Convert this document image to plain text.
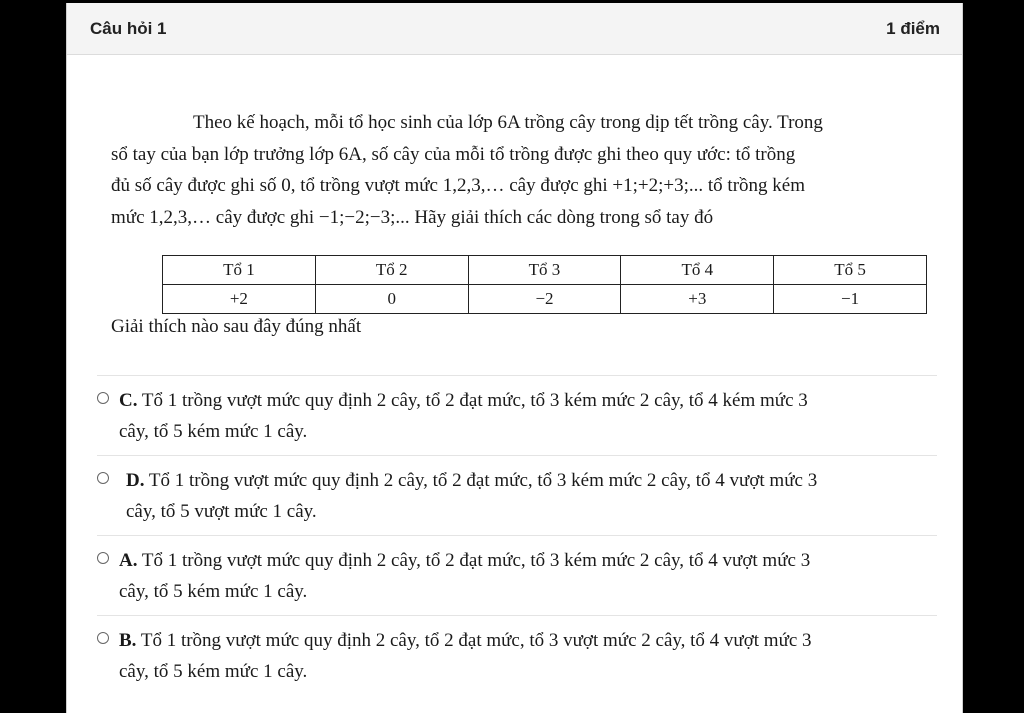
Câu hỏi 1	1 điểm
Theo kế hoạch, mỗi tổ học sinh của lớp 6A trồng cây trong dịp tết trồng cây. Trong
sổ tay của bạn lớp trưởng lớp 6A, số cây của mỗi tổ trồng được ghi theo quy ước: tổ trồng
đủ số cây được ghi số 0, tổ trồng vượt mức 1,2,3,… cây được ghi +1;+2;+3;... tổ trồng kém
mức 1,2,3,… cây được ghi −1;−2;−3;... Hãy giải thích các dòng trong sổ tay đó
Tổ 1	Tổ 2	Tổ 3	Tổ 4	Tổ 5
+2	0	−2	+3	−1
Giải thích nào sau đây đúng nhất
C. Tổ 1 trồng vượt mức quy định 2 cây, tổ 2 đạt mức, tổ 3 kém mức 2 cây, tổ 4 kém mức 3
cây, tổ 5 kém mức 1 cây.
D. Tổ 1 trồng vượt mức quy định 2 cây, tổ 2 đạt mức, tổ 3 kém mức 2 cây, tổ 4 vượt mức 3
cây, tổ 5 vượt mức 1 cây.
A. Tổ 1 trồng vượt mức quy định 2 cây, tổ 2 đạt mức, tổ 3 kém mức 2 cây, tổ 4 vượt mức 3
cây, tổ 5 kém mức 1 cây.
B. Tổ 1 trồng vượt mức quy định 2 cây, tổ 2 đạt mức, tổ 3 vượt mức 2 cây, tổ 4 vượt mức 3
cây, tổ 5 kém mức 1 cây.
